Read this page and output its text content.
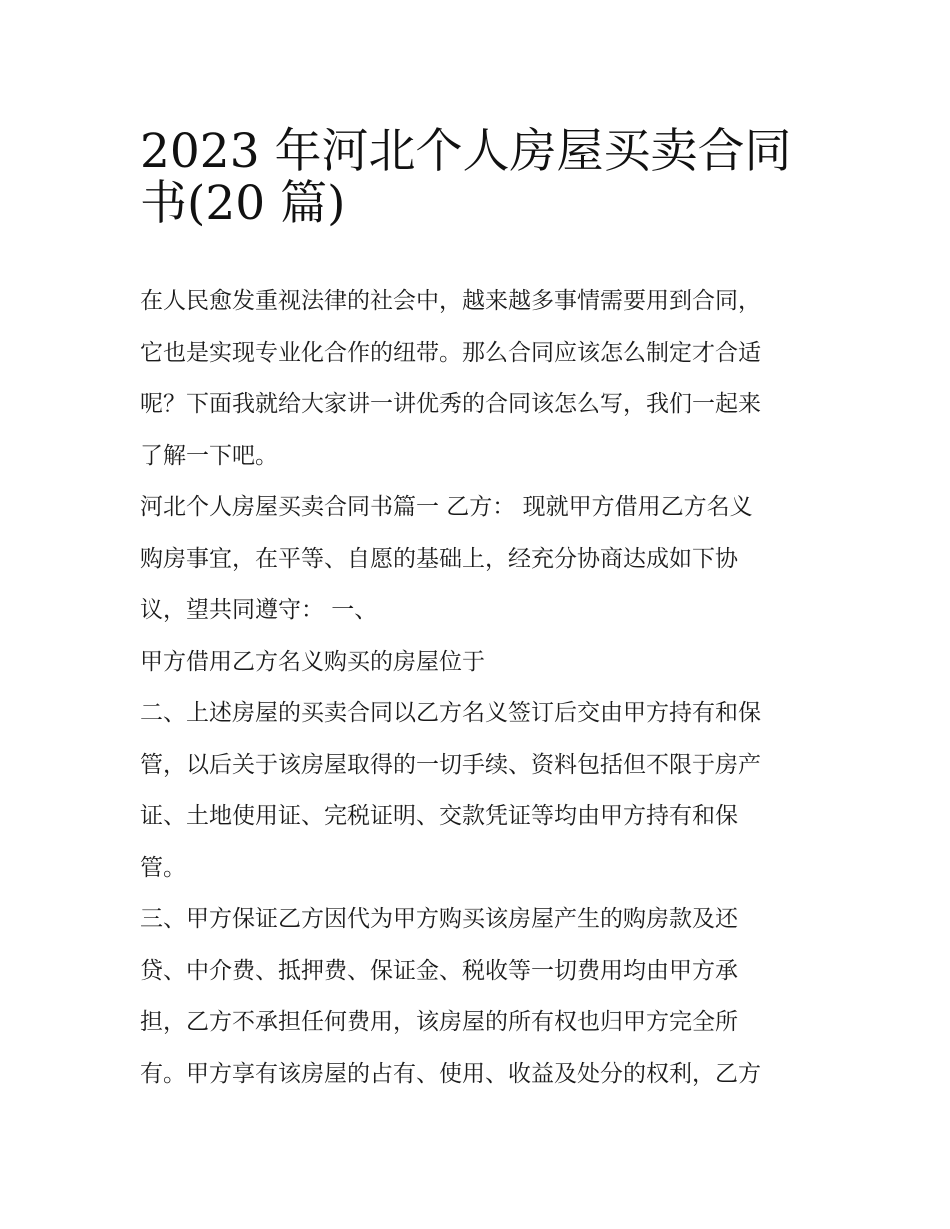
2023 年河北个人房屋买卖合同
书(20 篇)
在人民愈发重视法律的社会中，越来越多事情需要用到合同，
它也是实现专业化合作的纽带。那么合同应该怎么制定才合适
呢？下面我就给大家讲一讲优秀的合同该怎么写，我们一起来
了解一下吧。
河北个人房屋买卖合同书篇一 乙方： 现就甲方借用乙方名义
购房事宜，在平等、自愿的基础上，经充分协商达成如下协
议，望共同遵守： 一、
甲方借用乙方名义购买的房屋位于
二、上述房屋的买卖合同以乙方名义签订后交由甲方持有和保
管，以后关于该房屋取得的一切手续、资料包括但不限于房产
证、土地使用证、完税证明、交款凭证等均由甲方持有和保
管。
三、甲方保证乙方因代为甲方购买该房屋产生的购房款及还
贷、中介费、抵押费、保证金、税收等一切费用均由甲方承
担，乙方不承担任何费用，该房屋的所有权也归甲方完全所
有。甲方享有该房屋的占有、使用、收益及处分的权利，乙方
